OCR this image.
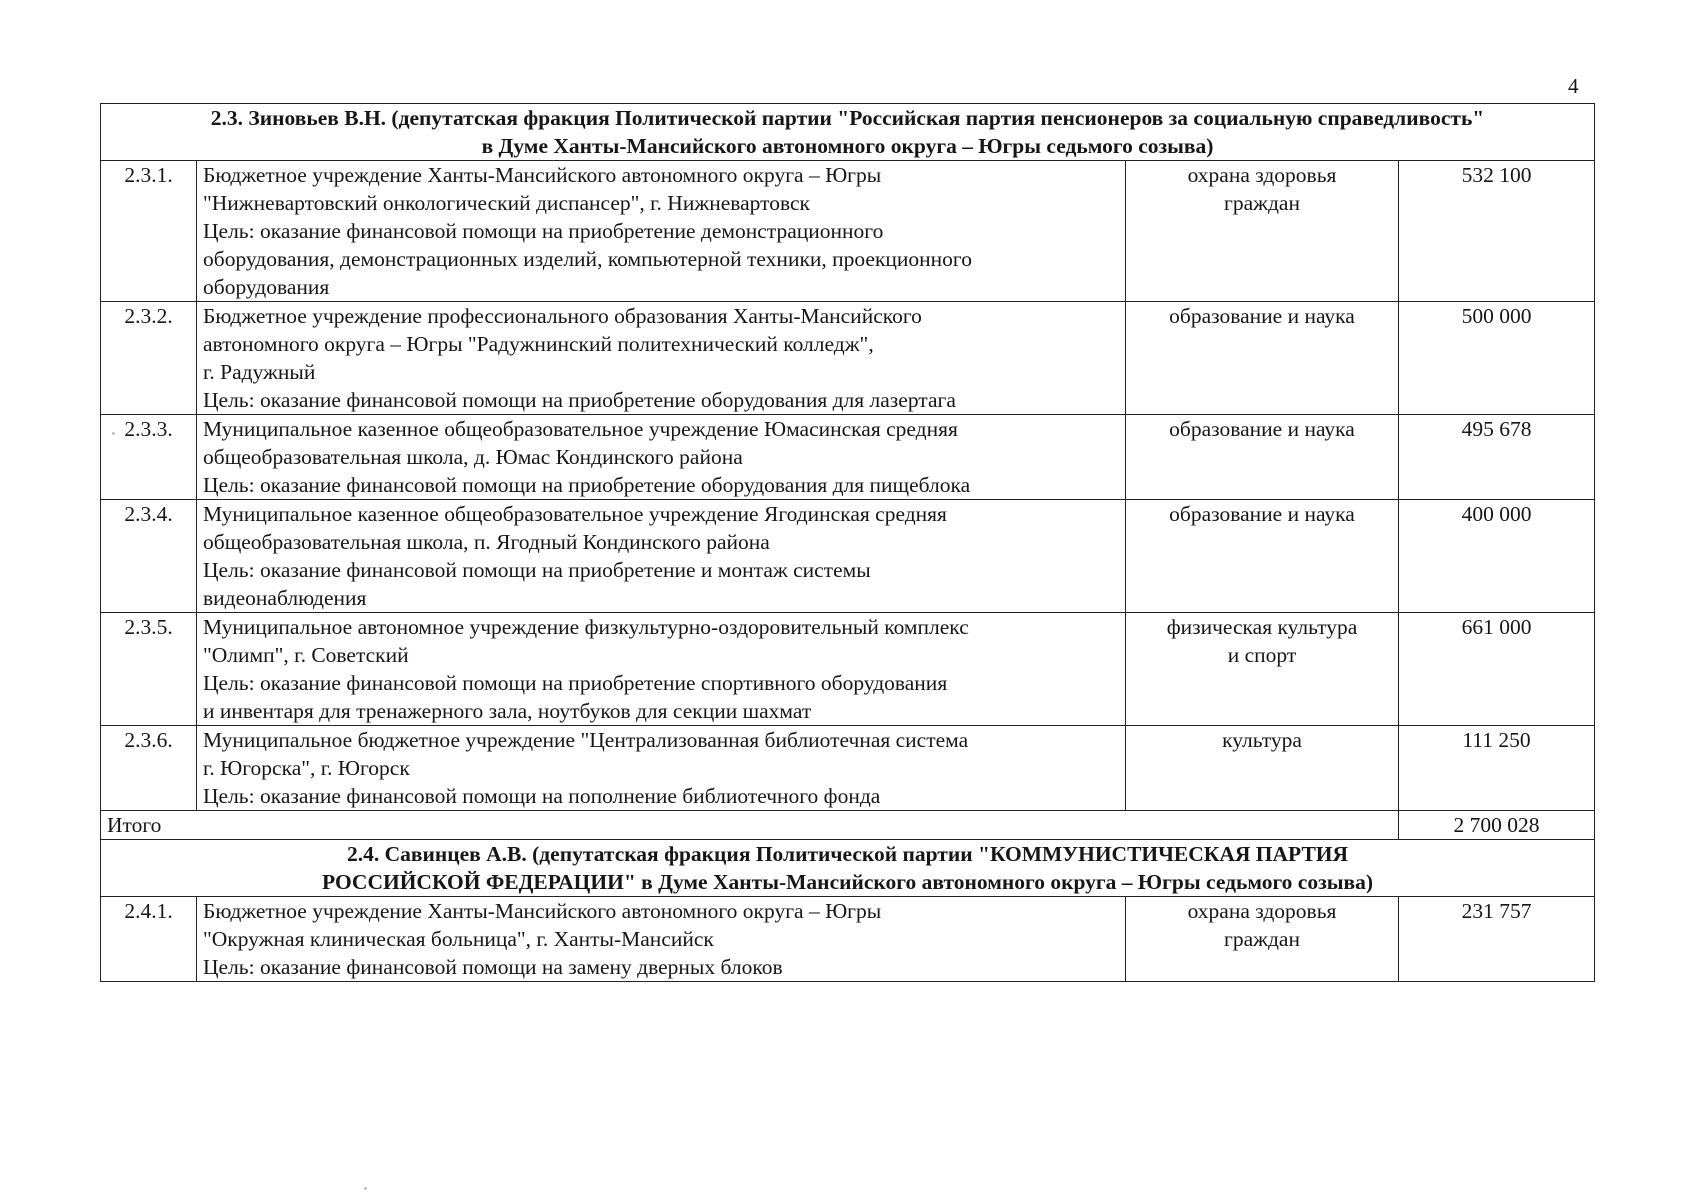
4
2.3. Зиновьев В.Н. (депутатская фракция Политической партии "Российская партия пенсионеров за социальную справедливость"
в Думе Ханты-Мансийского автономного округа – Югры седьмого созыва)			
2.3.1.	Бюджетное учреждение Ханты-Мансийского автономного округа – Югры
"Нижневартовский онкологический диспансер", г. Нижневартовск
Цель: оказание финансовой помощи на приобретение демонстрационного
оборудования, демонстрационных изделий, компьютерной техники, проекционного
оборудования	охрана здоровья
граждан	532 100
2.3.2.	Бюджетное учреждение профессионального образования Ханты-Мансийского
автономного округа – Югры "Радужнинский политехнический колледж",
г. Радужный
Цель: оказание финансовой помощи на приобретение оборудования для лазертага	образование и наука	500 000
2.3.3.	Муниципальное казенное общеобразовательное учреждение Юмасинская средняя
общеобразовательная школа, д. Юмас Кондинского района
Цель: оказание финансовой помощи на приобретение оборудования для пищеблока	образование и наука	495 678
2.3.4.	Муниципальное казенное общеобразовательное учреждение Ягодинская средняя
общеобразовательная школа, п. Ягодный Кондинского района
Цель: оказание финансовой помощи на приобретение и монтаж системы
видеонаблюдения	образование и наука	400 000
2.3.5.	Муниципальное автономное учреждение физкультурно-оздоровительный комплекс
"Олимп", г. Советский
Цель: оказание финансовой помощи на приобретение спортивного оборудования
и инвентаря для тренажерного зала, ноутбуков для секции шахмат	физическая культура
и спорт	661 000
2.3.6.	Муниципальное бюджетное учреждение "Централизованная библиотечная система
г. Югорска", г. Югорск
Цель: оказание финансовой помощи на пополнение библиотечного фонда	культура	111 250
Итого			2 700 028
2.4. Савинцев А.В. (депутатская фракция Политической партии "КОММУНИСТИЧЕСКАЯ ПАРТИЯ
РОССИЙСКОЙ ФЕДЕРАЦИИ" в Думе Ханты-Мансийского автономного округа – Югры седьмого созыва)			
2.4.1.	Бюджетное учреждение Ханты-Мансийского автономного округа – Югры
"Окружная клиническая больница", г. Ханты-Мансийск
Цель: оказание финансовой помощи на замену дверных блоков	охрана здоровья
граждан	231 757
